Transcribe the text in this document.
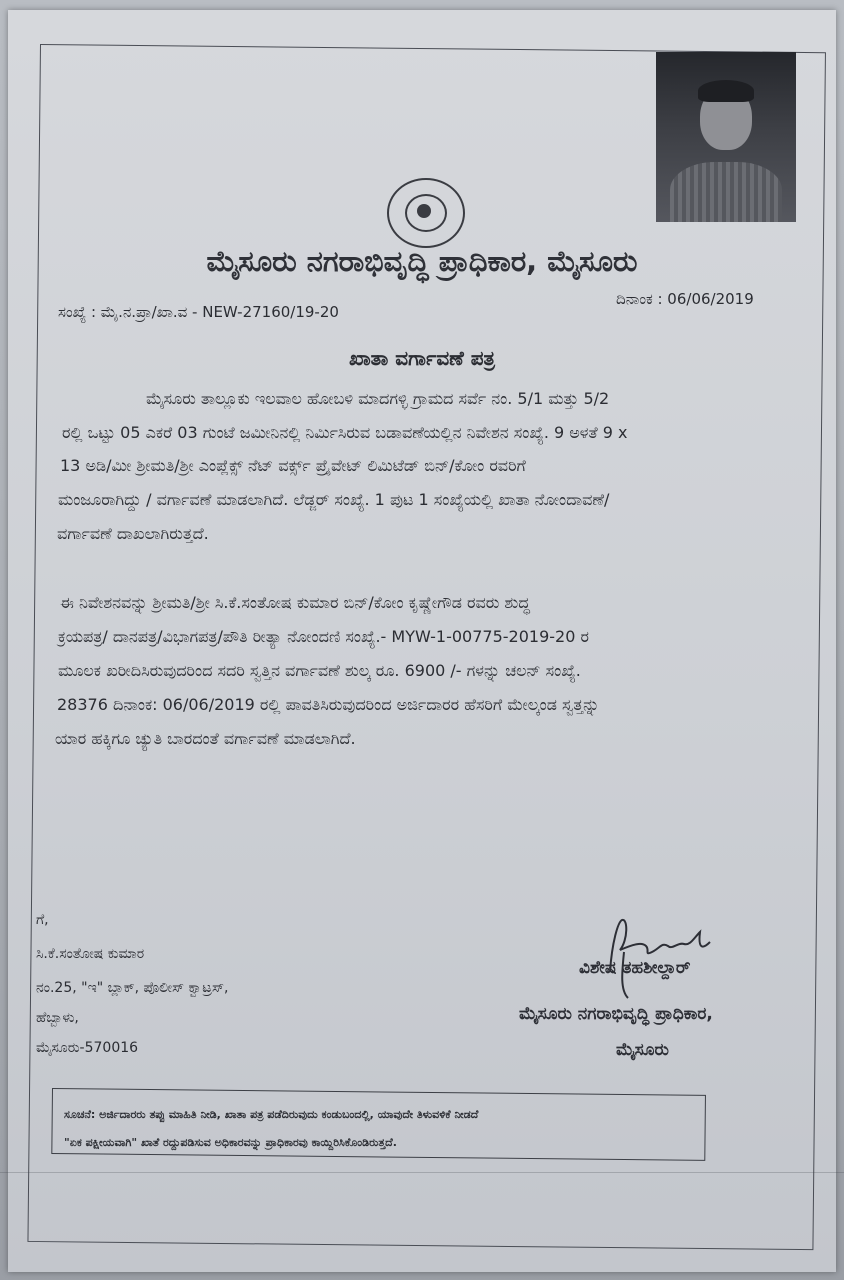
ಮೈಸೂರು ನಗರಾಭಿವೃದ್ಧಿ ಪ್ರಾಧಿಕಾರ, ಮೈಸೂರು
ಸಂಖ್ಯೆ : ಮೈ.ನ.ಪ್ರಾ/ಖಾ.ವ - NEW-27160/19-20
ದಿನಾಂಕ : 06/06/2019
ಖಾತಾ ವರ್ಗಾವಣೆ ಪತ್ರ
ಮೈಸೂರು ತಾಲ್ಲೂಕು ಇಲವಾಲ ಹೋಬಳಿ ಮಾದಗಳ್ಳಿ ಗ್ರಾಮದ ಸರ್ವೆ ನಂ. 5/1 ಮತ್ತು 5/2
ರಲ್ಲಿ ಒಟ್ಟು 05 ಎಕರೆ 03 ಗುಂಟೆ ಜಮೀನಿನಲ್ಲಿ ನಿರ್ಮಿಸಿರುವ ಬಡಾವಣೆಯಲ್ಲಿನ ನಿವೇಶನ ಸಂಖ್ಯೆ. 9 ಅಳತೆ 9 x
13 ಅಡಿ/ಮೀ ಶ್ರೀಮತಿ/ಶ್ರೀ ಎಂಪ್ಲೆಕ್ಸ್ ನೆಟ್ ವರ್ಕ್ಸ್ ಪ್ರೈವೇಟ್ ಲಿಮಿಟೆಡ್ ಬಿನ್/ಕೋಂ ರವರಿಗೆ
ಮಂಜೂರಾಗಿದ್ದು / ವರ್ಗಾವಣೆ ಮಾಡಲಾಗಿದೆ. ಲೆಡ್ಜರ್ ಸಂಖ್ಯೆ. 1 ಪುಟ 1 ಸಂಖ್ಯೆಯಲ್ಲಿ ಖಾತಾ ನೋಂದಾವಣೆ/
ವರ್ಗಾವಣೆ ದಾಖಲಾಗಿರುತ್ತದೆ.
ಈ ನಿವೇಶನವನ್ನು ಶ್ರೀಮತಿ/ಶ್ರೀ ಸಿ.ಕೆ.ಸಂತೋಷ ಕುಮಾರ ಬಿನ್/ಕೋಂ ಕೃಷ್ಣೇಗೌಡ ರವರು ಶುದ್ಧ
ಕ್ರಯಪತ್ರ/ ದಾನಪತ್ರ/ವಿಭಾಗಪತ್ರ/ಪೌತಿ ರೀತ್ಯಾ ನೋಂದಣಿ ಸಂಖ್ಯೆ.- MYW-1-00775-2019-20 ರ
ಮೂಲಕ ಖರೀದಿಸಿರುವುದರಿಂದ ಸದರಿ ಸ್ವತ್ತಿನ ವರ್ಗಾವಣೆ ಶುಲ್ಕ ರೂ. 6900 /- ಗಳನ್ನು ಚಲನ್ ಸಂಖ್ಯೆ.
28376 ದಿನಾಂಕ: 06/06/2019 ರಲ್ಲಿ ಪಾವತಿಸಿರುವುದರಿಂದ ಅರ್ಜಿದಾರರ ಹೆಸರಿಗೆ ಮೇಲ್ಕಂಡ ಸ್ವತ್ತನ್ನು
ಯಾರ ಹಕ್ಕಿಗೂ ಚ್ಯುತಿ ಬಾರದಂತೆ ವರ್ಗಾವಣೆ ಮಾಡಲಾಗಿದೆ.
ಗೆ,
ಸಿ.ಕೆ.ಸಂತೋಷ ಕುಮಾರ
ನಂ.25, "ಇ" ಬ್ಲಾಕ್, ಪೊಲೀಸ್ ಕ್ವಾಟ್ರಸ್,
ಹೆಬ್ಬಾಳು,
ಮೈಸೂರು-570016
ವಿಶೇಷ ತಹಶೀಲ್ದಾರ್
ಮೈಸೂರು ನಗರಾಭಿವೃದ್ಧಿ ಪ್ರಾಧಿಕಾರ,
ಮೈಸೂರು
ಸೂಚನೆ: ಅರ್ಜಿದಾರರು ತಪ್ಪು ಮಾಹಿತಿ ನೀಡಿ, ಖಾತಾ ಪತ್ರ ಪಡೆದಿರುವುದು ಕಂಡುಬಂದಲ್ಲಿ, ಯಾವುದೇ ತಿಳುವಳಿಕೆ ನೀಡದೆ
"ಏಕ ಪಕ್ಷೀಯವಾಗಿ" ಖಾತೆ ರದ್ದುಪಡಿಸುವ ಅಧಿಕಾರವನ್ನು ಪ್ರಾಧಿಕಾರವು ಕಾಯ್ದಿರಿಸಿಕೊಂಡಿರುತ್ತದೆ.
